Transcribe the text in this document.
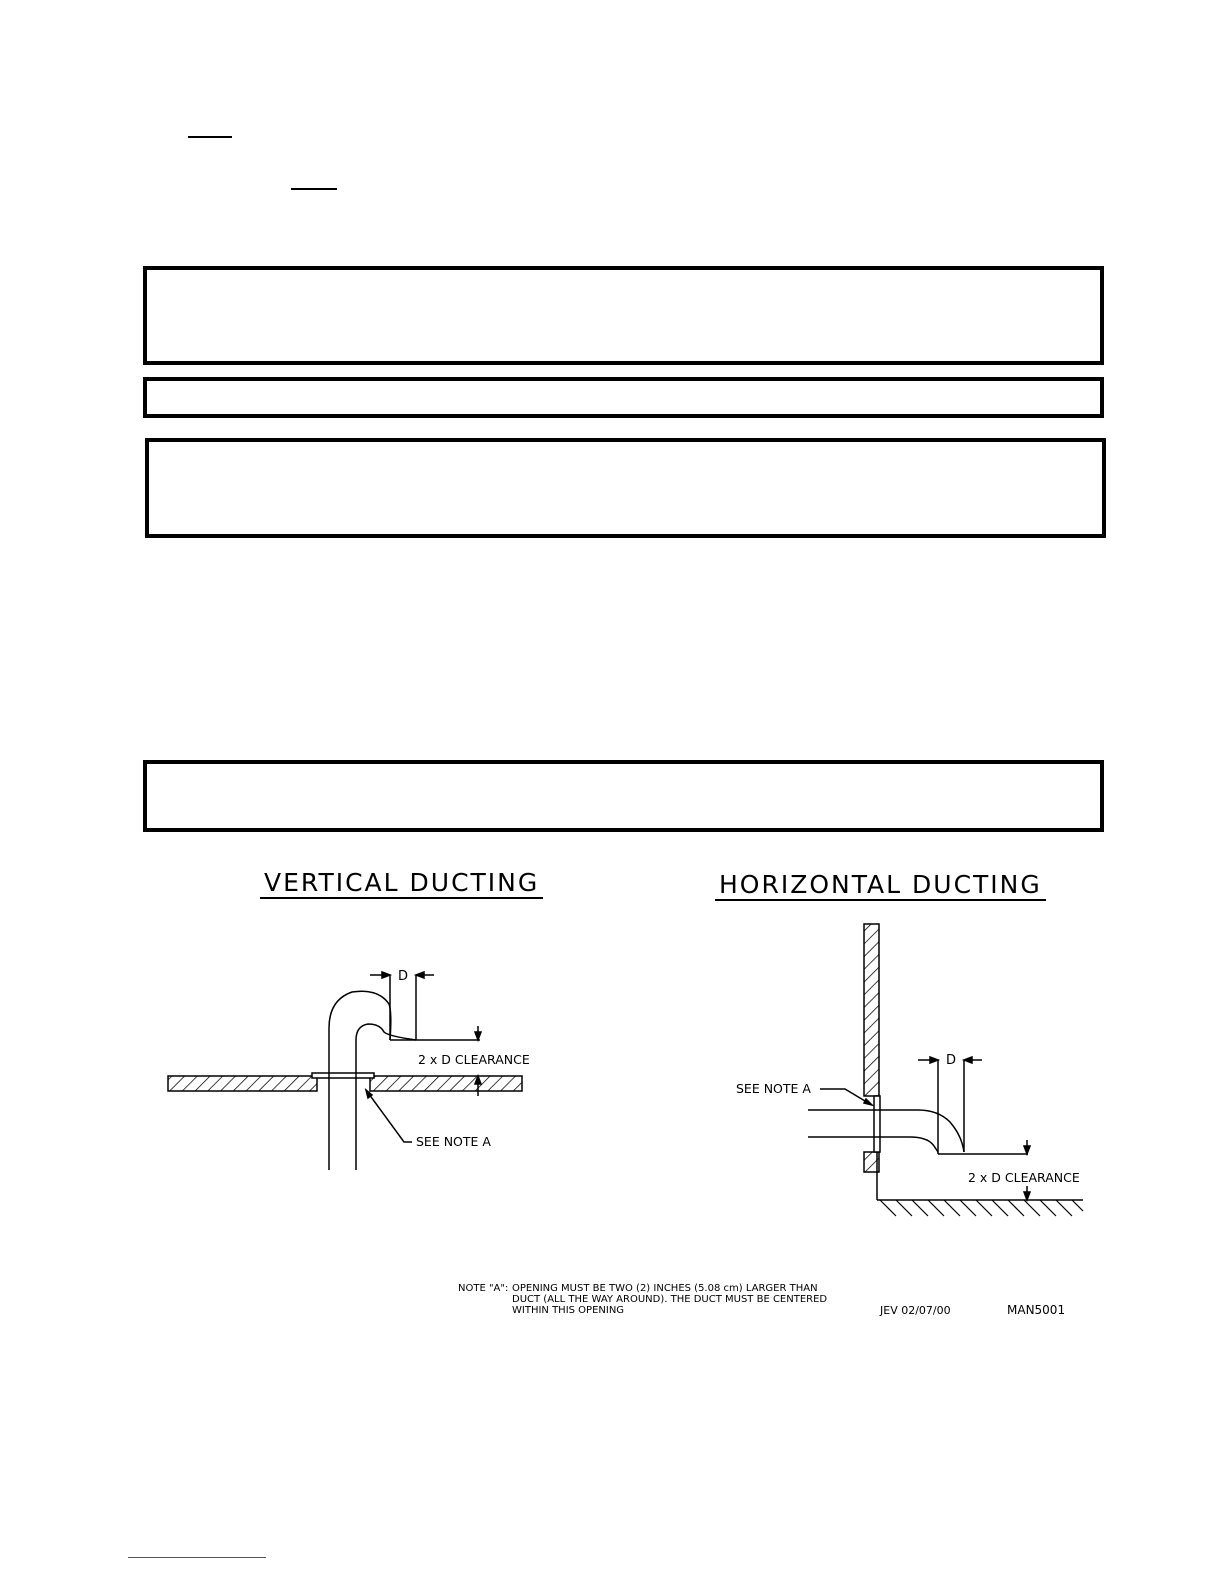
VERTICAL DUCTING	HORIZONTAL DUCTING
D
2 x D CLEARANCE
SEE NOTE A
D
2 x D CLEARANCE
SEE NOTE A
NOTE "A": OPENING MUST BE TWO (2) INCHES (5.08 cm) LARGER THAN
DUCT (ALL THE WAY AROUND). THE DUCT MUST BE CENTERED
WITHIN THIS OPENING	JEV 02/07/00	MAN5001
